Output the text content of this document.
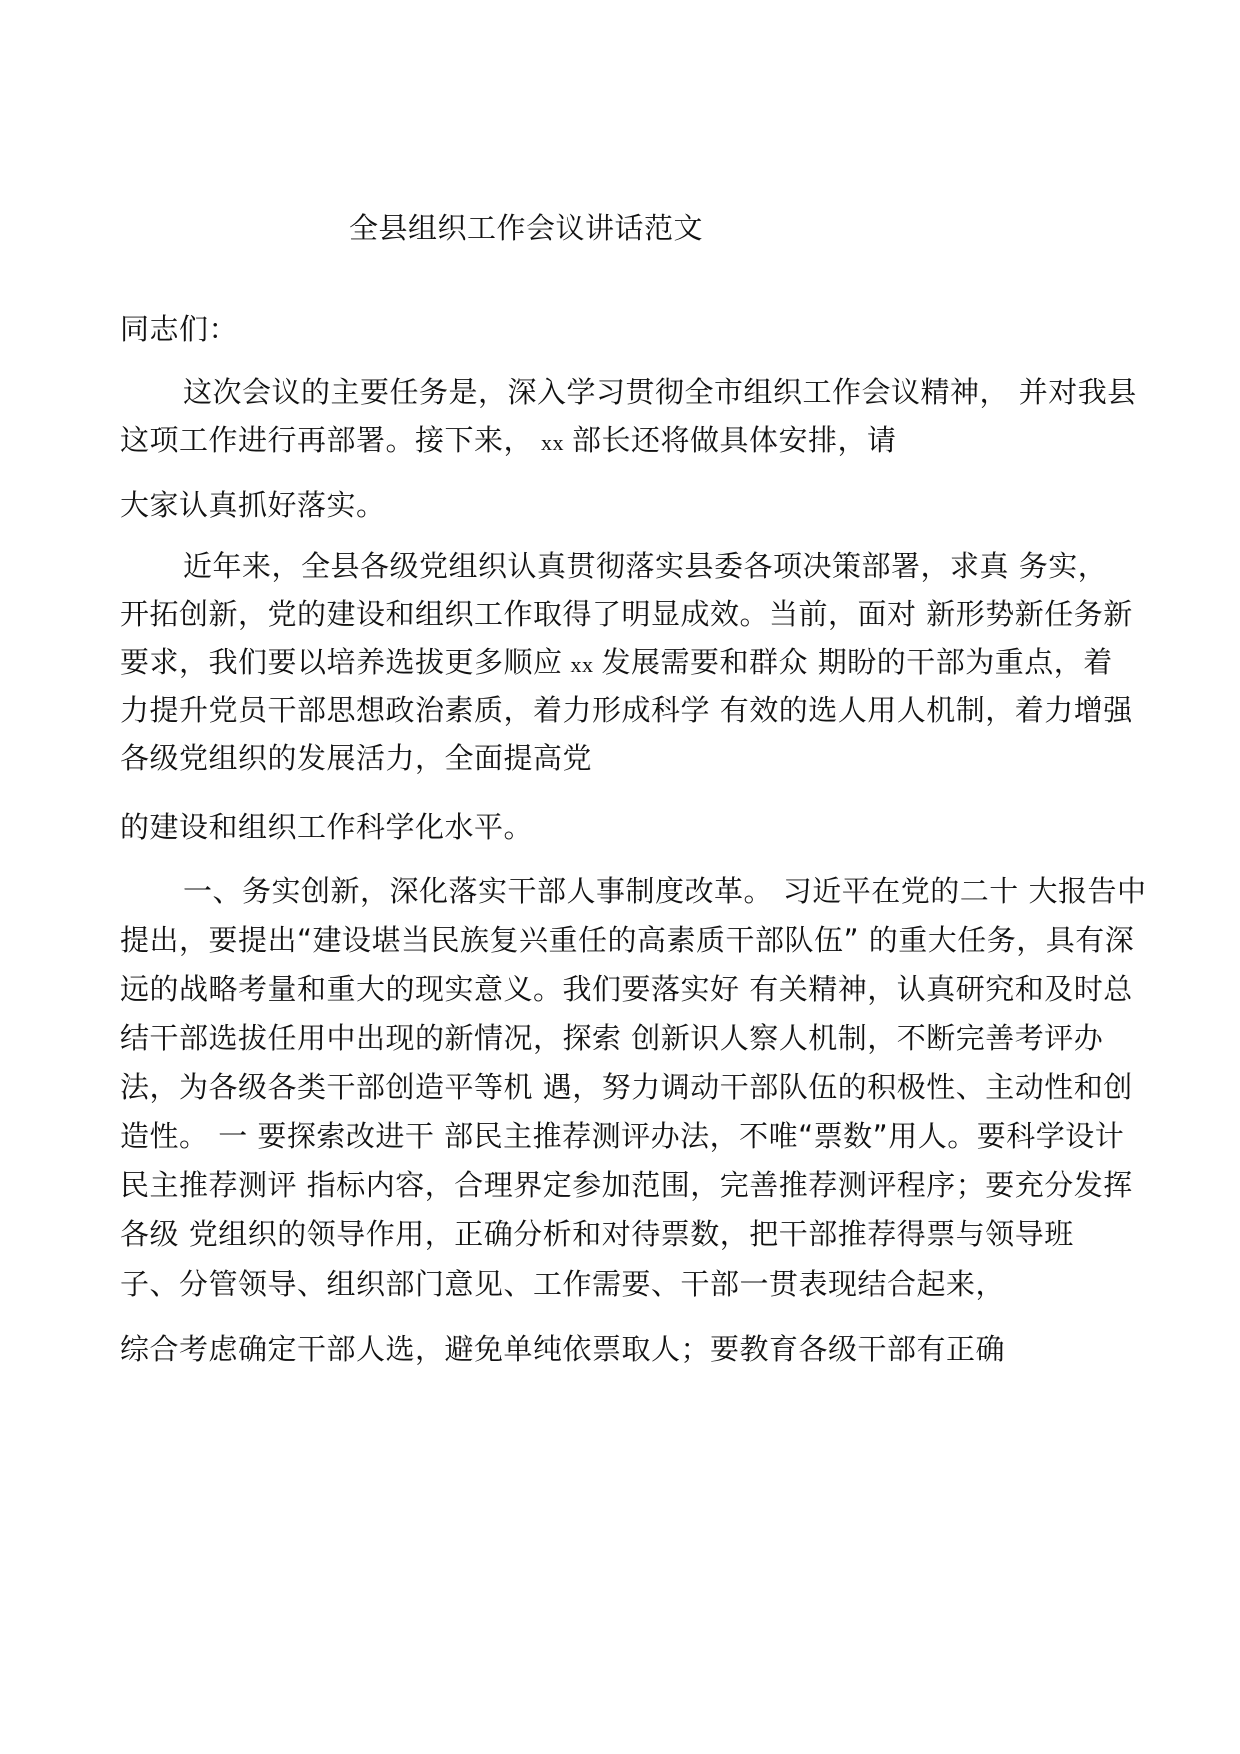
全县组织工作会议讲话范文
同志们：
这次会议的主要任务是，深入学习贯彻全市组织工作会议精神， 并对我县
这项工作进行再部署。接下来， xx 部长还将做具体安排，请
大家认真抓好落实。
近年来，全县各级党组织认真贯彻落实县委各项决策部署，求真 务实，
开拓创新，党的建设和组织工作取得了明显成效。当前，面对 新形势新任务新
要求，我们要以培养选拔更多顺应 xx 发展需要和群众 期盼的干部为重点，着
力提升党员干部思想政治素质，着力形成科学 有效的选人用人机制，着力增强
各级党组织的发展活力，全面提高党
的建设和组织工作科学化水平。
一、务实创新，深化落实干部人事制度改革。 习近平在党的二十 大报告中
提出，要提出“建设堪当民族复兴重任的高素质干部队伍” 的重大任务，具有深
远的战略考量和重大的现实意义。我们要落实好 有关精神，认真研究和及时总
结干部选拔任用中出现的新情况，探索 创新识人察人机制，不断完善考评办
法，为各级各类干部创造平等机 遇，努力调动干部队伍的积极性、主动性和创
造性。 一 要探索改进干 部民主推荐测评办法，不唯“票数”用人。要科学设计
民主推荐测评 指标内容，合理界定参加范围，完善推荐测评程序；要充分发挥
各级 党组织的领导作用，正确分析和对待票数，把干部推荐得票与领导班
子、分管领导、组织部门意见、工作需要、干部一贯表现结合起来，
综合考虑确定干部人选，避免单纯依票取人；要教育各级干部有正确
